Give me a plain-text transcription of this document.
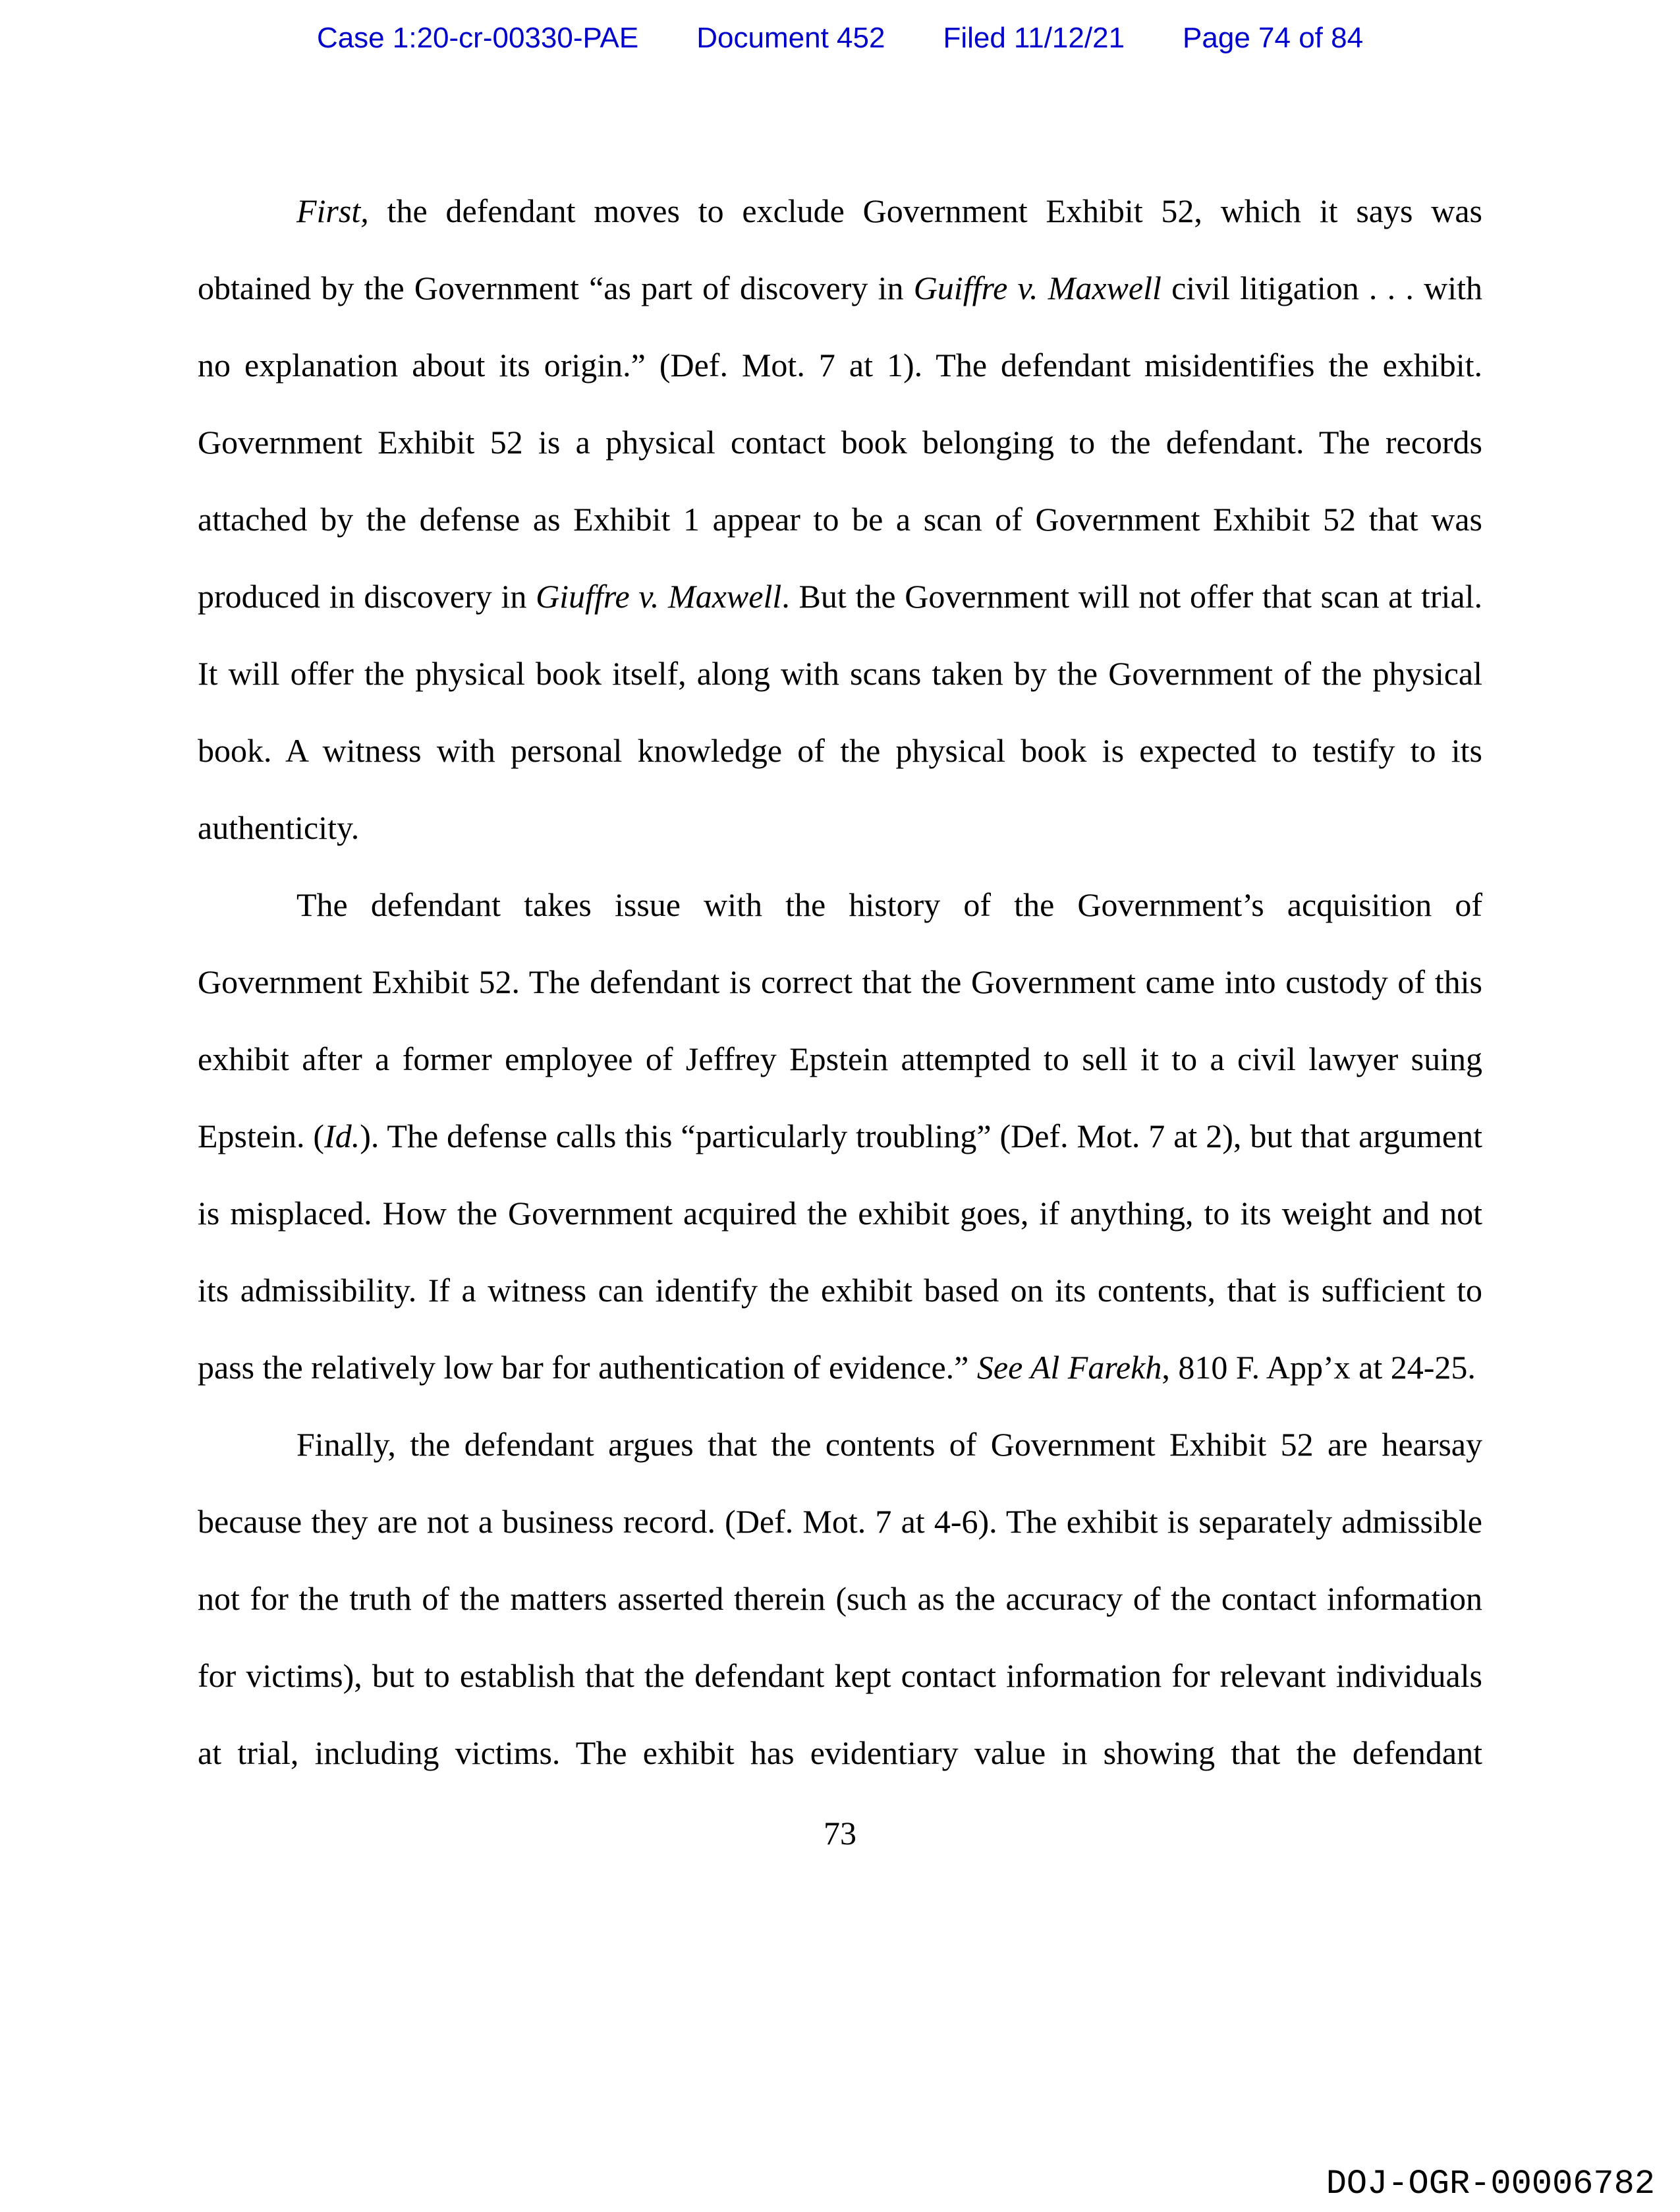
Case 1:20-cr-00330-PAE Document 452 Filed 11/12/21 Page 74 of 84

First, the defendant moves to exclude Government Exhibit 52, which it says was obtained by the Government “as part of discovery in Guiffre v. Maxwell civil litigation . . . with no explanation about its origin.” (Def. Mot. 7 at 1). The defendant misidentifies the exhibit. Government Exhibit 52 is a physical contact book belonging to the defendant. The records attached by the defense as Exhibit 1 appear to be a scan of Government Exhibit 52 that was produced in discovery in Giuffre v. Maxwell. But the Government will not offer that scan at trial. It will offer the physical book itself, along with scans taken by the Government of the physical book. A witness with personal knowledge of the physical book is expected to testify to its authenticity.

The defendant takes issue with the history of the Government’s acquisition of Government Exhibit 52. The defendant is correct that the Government came into custody of this exhibit after a former employee of Jeffrey Epstein attempted to sell it to a civil lawyer suing Epstein. (Id.). The defense calls this “particularly troubling” (Def. Mot. 7 at 2), but that argument is misplaced. How the Government acquired the exhibit goes, if anything, to its weight and not its admissibility. If a witness can identify the exhibit based on its contents, that is sufficient to pass the relatively low bar for authentication of evidence.” See Al Farekh, 810 F. App’x at 24-25.

Finally, the defendant argues that the contents of Government Exhibit 52 are hearsay because they are not a business record. (Def. Mot. 7 at 4-6). The exhibit is separately admissible not for the truth of the matters asserted therein (such as the accuracy of the contact information for victims), but to establish that the defendant kept contact information for relevant individuals at trial, including victims. The exhibit has evidentiary value in showing that the defendant

73
DOJ-OGR-00006782
